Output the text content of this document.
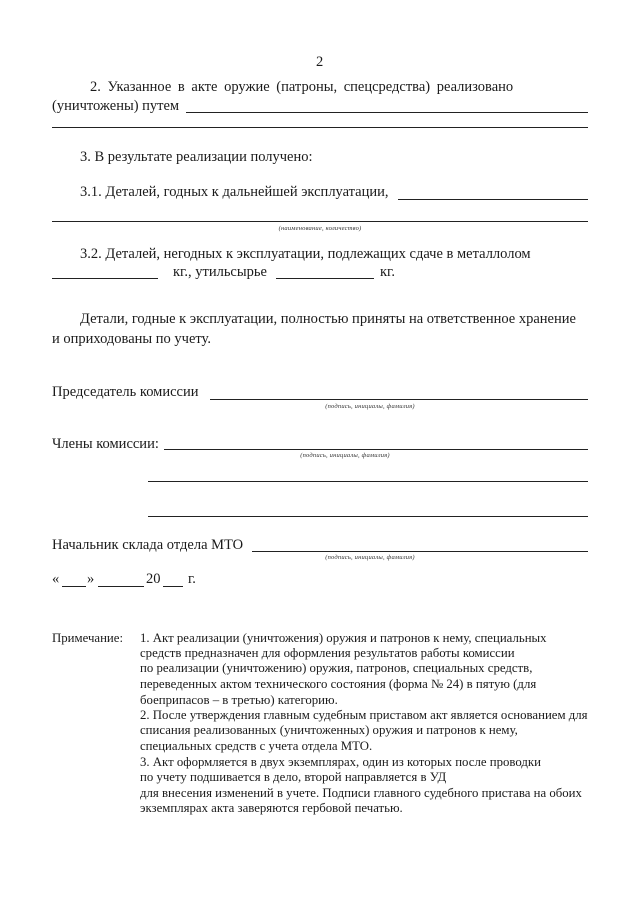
2
2. Указанное в акте оружие (патроны, спецсредства) реализовано
(уничтожены) путем
3. В результате реализации получено:
3.1. Деталей, годных к дальнейшей эксплуатации,
(наименование, количество)
3.2. Деталей, негодных к эксплуатации, подлежащих сдаче в металлолом
кг., утильсырье	кг.
Детали, годные к эксплуатации, полностью приняты на ответственное хранение
и оприходованы по учету.
Председатель комиссии
(подпись, инициалы, фамилия)
Члены комиссии:
(подпись, инициалы, фамилия)
Начальник склада отдела МТО
(подпись, инициалы, фамилия)
« »	20 г.
Примечание: 1. Акт реализации (уничтожения) оружия и патронов к нему, специальных
средств предназначен для оформления результатов работы комиссии
по реализации (уничтожению) оружия, патронов, специальных средств,
переведенных актом технического состояния (форма № 24) в пятую (для
боеприпасов – в третью) категорию.
2. После утверждения главным судебным приставом акт является основанием для
списания реализованных (уничтоженных) оружия и патронов к нему,
специальных средств с учета отдела МТО.
3. Акт оформляется в двух экземплярах, один из которых после проводки
по учету подшивается в дело, второй направляется в УД
для внесения изменений в учете. Подписи главного судебного пристава на обоих
экземплярах акта заверяются гербовой печатью.
